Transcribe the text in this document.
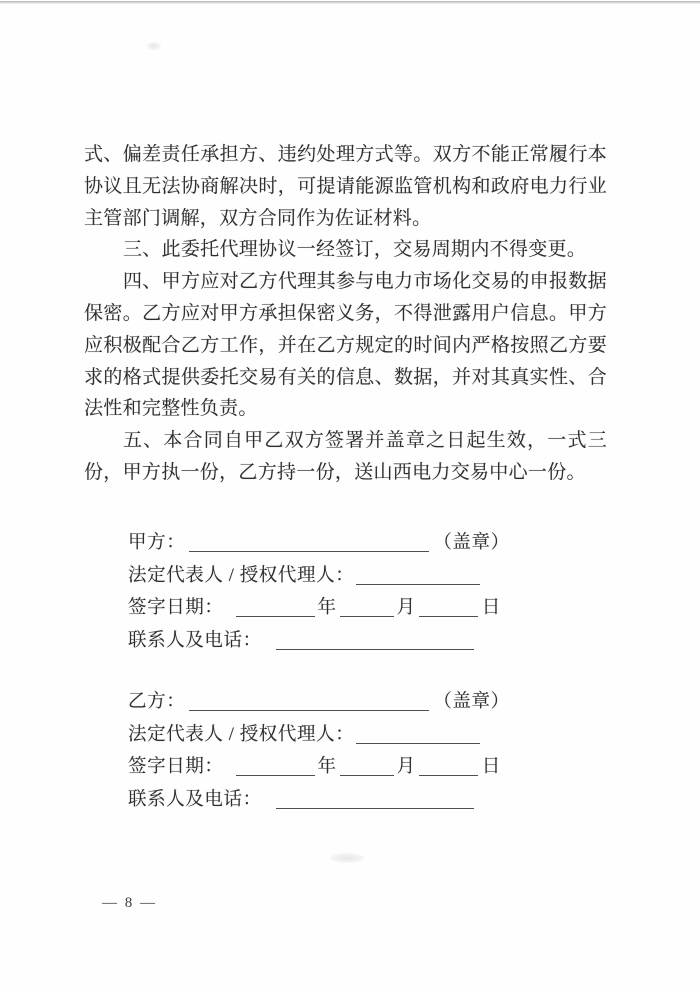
式、偏差责任承担方、违约处理方式等。双方不能正常履行本协议且无法协商解决时，可提请能源监管机构和政府电力行业主管部门调解，双方合同作为佐证材料。

三、此委托代理协议一经签订，交易周期内不得变更。

四、甲方应对乙方代理其参与电力市场化交易的申报数据保密。乙方应对甲方承担保密义务，不得泄露用户信息。甲方应积极配合乙方工作，并在乙方规定的时间内严格按照乙方要求的格式提供委托交易有关的信息、数据，并对其真实性、合法性和完整性负责。

五、本合同自甲乙双方签署并盖章之日起生效，一式三份，甲方执一份，乙方持一份，送山西电力交易中心一份。

甲方：	（盖章）
法定代表人 / 授权代理人：
签字日期：	年	月	日
联系人及电话：
乙方：	（盖章）
法定代表人 / 授权代理人：
签字日期：	年	月	日
联系人及电话：
— 8 —
